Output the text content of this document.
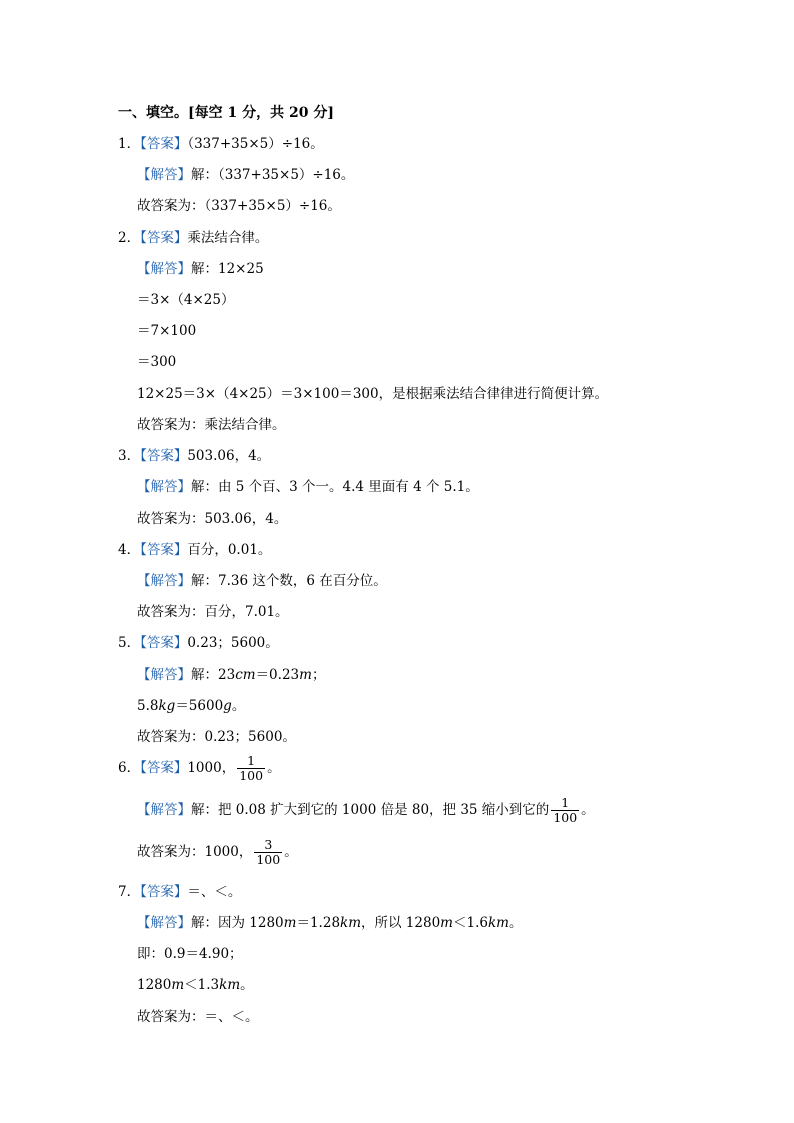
一、填空。[每空 1 分，共 20 分]
1．【答案】（337+35×5）÷16。
【解答】解：（337+35×5）÷16。
故答案为：（337+35×5）÷16。
2．【答案】乘法结合律。
【解答】解：12×25
＝3×（4×25）
＝7×100
＝300
12×25＝3×（4×25）＝3×100＝300，是根据乘法结合律律进行简便计算。
故答案为：乘法结合律。
3．【答案】503.06，4。
【解答】解：由 5 个百、3 个一。4.4 里面有 4 个 5.1。
故答案为：503.06，4。
4．【答案】百分，0.01。
【解答】解：7.36 这个数，6 在百分位。
故答案为：百分，7.01。
5．【答案】0.23；5600。
【解答】解：23cm＝0.23m；
5.8kg＝5600g。
故答案为：0.23；5600。
6．【答案】1000， $\frac{1}{100}$ 。
【解答】解：把 0.08 扩大到它的 1000 倍是 80，把 35 缩小到它的 $\frac{1}{100}$ 。
故答案为：1000， $\frac{3}{100}$ 。
7．【答案】＝、＜。
【解答】解：因为 1280m＝1.28km，所以 1280m＜1.6km。
即：0.9＝4.90；
1280m＜1.3km。
故答案为：＝、＜。
